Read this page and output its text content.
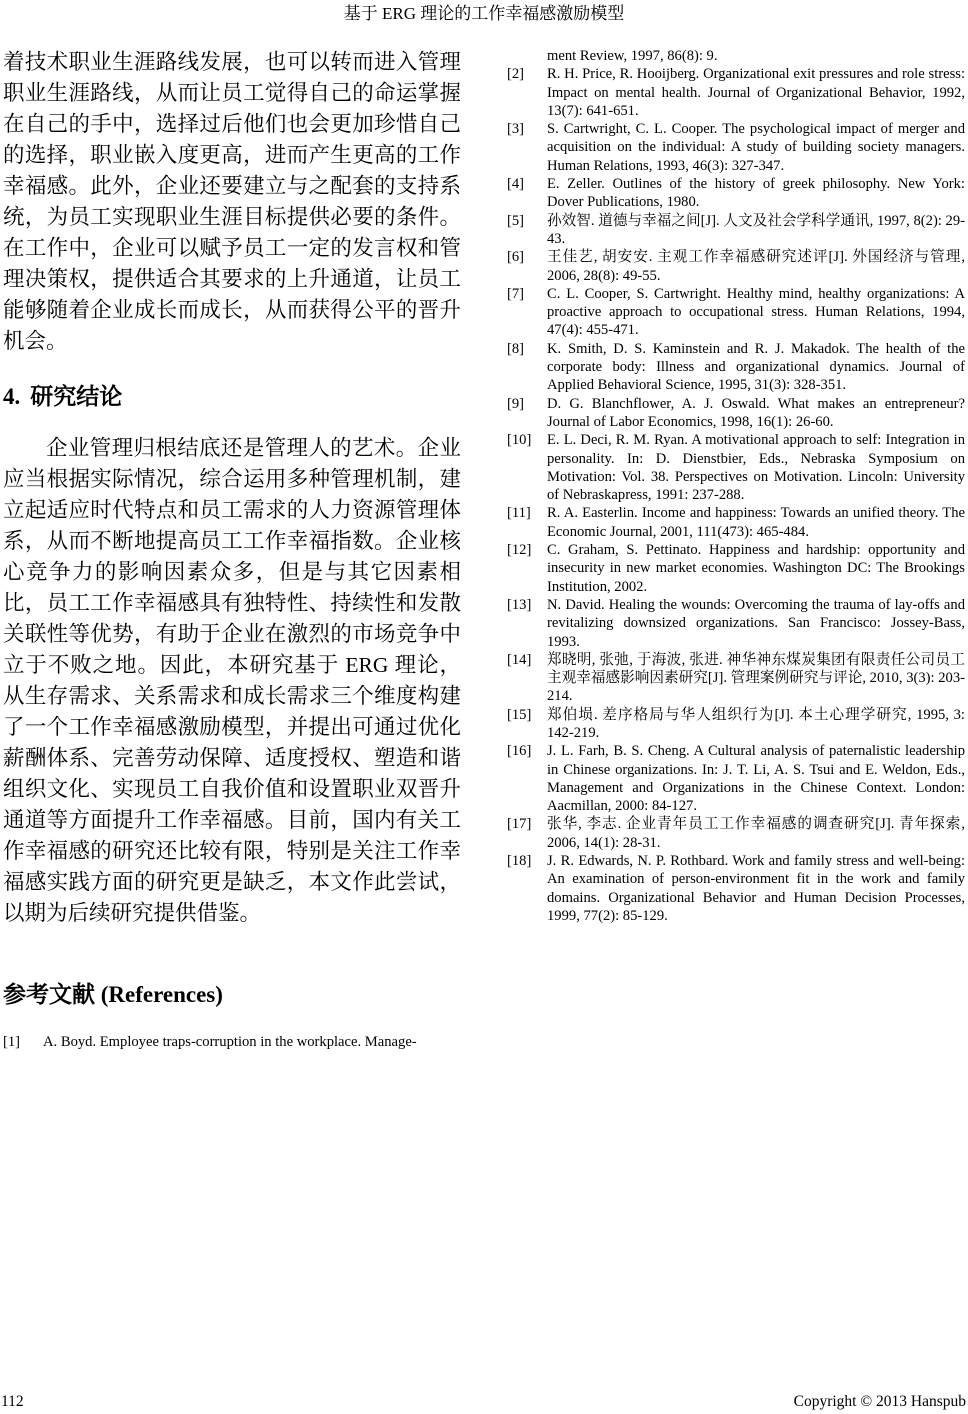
基于 ERG 理论的工作幸福感激励模型

着技术职业生涯路线发展，也可以转而进入管理职业生涯路线，从而让员工觉得自己的命运掌握在自己的手中，选择过后他们也会更加珍惜自己的选择，职业嵌入度更高，进而产生更高的工作幸福感。此外，企业还要建立与之配套的支持系统，为员工实现职业生涯目标提供必要的条件。在工作中，企业可以赋予员工一定的发言权和管理决策权，提供适合其要求的上升通道，让员工能够随着企业成长而成长，从而获得公平的晋升机会。

4. 研究结论

企业管理归根结底还是管理人的艺术。企业应当根据实际情况，综合运用多种管理机制，建立起适应时代特点和员工需求的人力资源管理体系，从而不断地提高员工工作幸福指数。企业核心竞争力的影响因素众多，但是与其它因素相比，员工工作幸福感具有独特性、持续性和发散关联性等优势，有助于企业在激烈的市场竞争中立于不败之地。因此，本研究基于 ERG 理论，从生存需求、关系需求和成长需求三个维度构建了一个工作幸福感激励模型，并提出可通过优化薪酬体系、完善劳动保障、适度授权、塑造和谐组织文化、实现员工自我价值和设置职业双晋升通道等方面提升工作幸福感。目前，国内有关工作幸福感的研究还比较有限，特别是关注工作幸福感实践方面的研究更是缺乏，本文作此尝试，以期为后续研究提供借鉴。

参考文献 (References)
[1]	A. Boyd. Employee traps-corruption in the workplace. Manage-
ment Review, 1997, 86(8): 9.
[2]	R. H. Price, R. Hooijberg. Organizational exit pressures and role stress: Impact on mental health. Journal of Organizational Behavior, 1992, 13(7): 641-651.
[3]	S. Cartwright, C. L. Cooper. The psychological impact of merger and acquisition on the individual: A study of building society managers. Human Relations, 1993, 46(3): 327-347.
[4]	E. Zeller. Outlines of the history of greek philosophy. New York: Dover Publications, 1980.
[5]	孙效智. 道德与幸福之间[J]. 人文及社会学科学通讯, 1997, 8(2): 29-43.
[6]	王佳艺, 胡安安. 主观工作幸福感研究述评[J]. 外国经济与管理, 2006, 28(8): 49-55.
[7]	C. L. Cooper, S. Cartwright. Healthy mind, healthy organizations: A proactive approach to occupational stress. Human Relations, 1994, 47(4): 455-471.
[8]	K. Smith, D. S. Kaminstein and R. J. Makadok. The health of the corporate body: Illness and organizational dynamics. Journal of Applied Behavioral Science, 1995, 31(3): 328-351.
[9]	D. G. Blanchflower, A. J. Oswald. What makes an entrepreneur? Journal of Labor Economics, 1998, 16(1): 26-60.
[10]	E. L. Deci, R. M. Ryan. A motivational approach to self: Integration in personality. In: D. Dienstbier, Eds., Nebraska Symposium on Motivation: Vol. 38. Perspectives on Motivation. Lincoln: University of Nebraskapress, 1991: 237-288.
[11]	R. A. Easterlin. Income and happiness: Towards an unified theory. The Economic Journal, 2001, 111(473): 465-484.
[12]	C. Graham, S. Pettinato. Happiness and hardship: opportunity and insecurity in new market economies. Washington DC: The Brookings Institution, 2002.
[13]	N. David. Healing the wounds: Overcoming the trauma of lay-offs and revitalizing downsized organizations. San Francisco: Jossey-Bass, 1993.
[14]	郑晓明, 张弛, 于海波, 张进. 神华神东煤炭集团有限责任公司员工主观幸福感影响因素研究[J]. 管理案例研究与评论, 2010, 3(3): 203-214.
[15]	郑伯埙. 差序格局与华人组织行为[J]. 本土心理学研究, 1995, 3: 142-219.
[16]	J. L. Farh, B. S. Cheng. A Cultural analysis of paternalistic leadership in Chinese organizations. In: J. T. Li, A. S. Tsui and E. Weldon, Eds., Management and Organizations in the Chinese Context. London: Aacmillan, 2000: 84-127.
[17]	张华, 李志. 企业青年员工工作幸福感的调查研究[J]. 青年探索, 2006, 14(1): 28-31.
[18]	J. R. Edwards, N. P. Rothbard. Work and family stress and well-being: An examination of person-environment fit in the work and family domains. Organizational Behavior and Human Decision Processes, 1999, 77(2): 85-129.
112	Copyright © 2013 Hanspub
